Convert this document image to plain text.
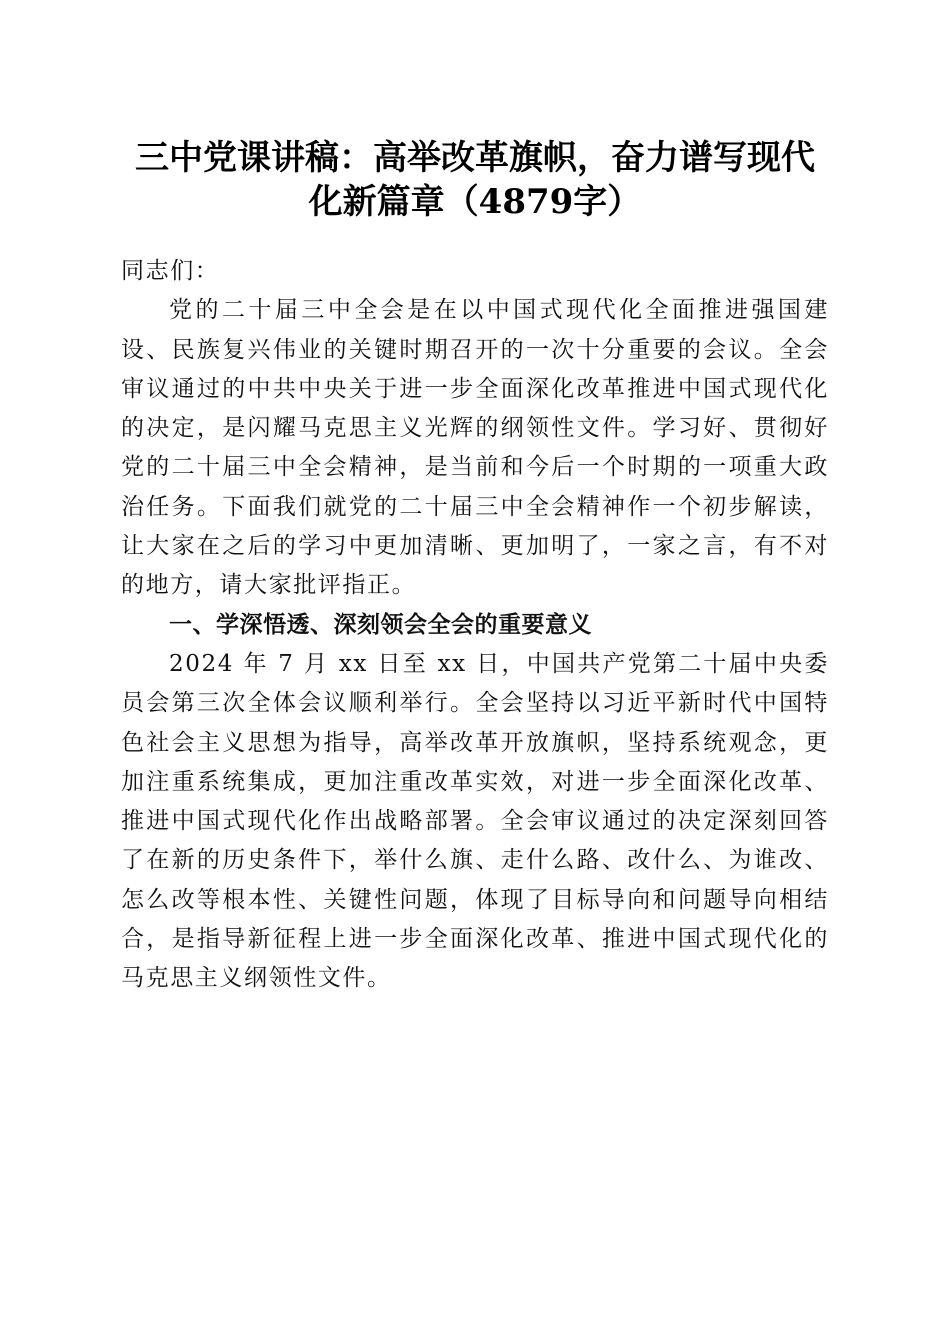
三中党课讲稿：高举改革旗帜，奋力谱写现代
化新篇章（4879字）

同志们：

党的二十届三中全会是在以中国式现代化全面推进强国建设、民族复兴伟业的关键时期召开的一次十分重要的会议。全会审议通过的中共中央关于进一步全面深化改革推进中国式现代化的决定，是闪耀马克思主义光辉的纲领性文件。学习好、贯彻好党的二十届三中全会精神，是当前和今后一个时期的一项重大政治任务。下面我们就党的二十届三中全会精神作一个初步解读，让大家在之后的学习中更加清晰、更加明了，一家之言，有不对的地方，请大家批评指正。

一、学深悟透、深刻领会全会的重要意义

2024 年 7 月 xx 日至 xx 日，中国共产党第二十届中央委员会第三次全体会议顺利举行。全会坚持以习近平新时代中国特色社会主义思想为指导，高举改革开放旗帜，坚持系统观念，更加注重系统集成，更加注重改革实效，对进一步全面深化改革、推进中国式现代化作出战略部署。全会审议通过的决定深刻回答了在新的历史条件下，举什么旗、走什么路、改什么、为谁改、怎么改等根本性、关键性问题，体现了目标导向和问题导向相结合，是指导新征程上进一步全面深化改革、推进中国式现代化的马克思主义纲领性文件。
